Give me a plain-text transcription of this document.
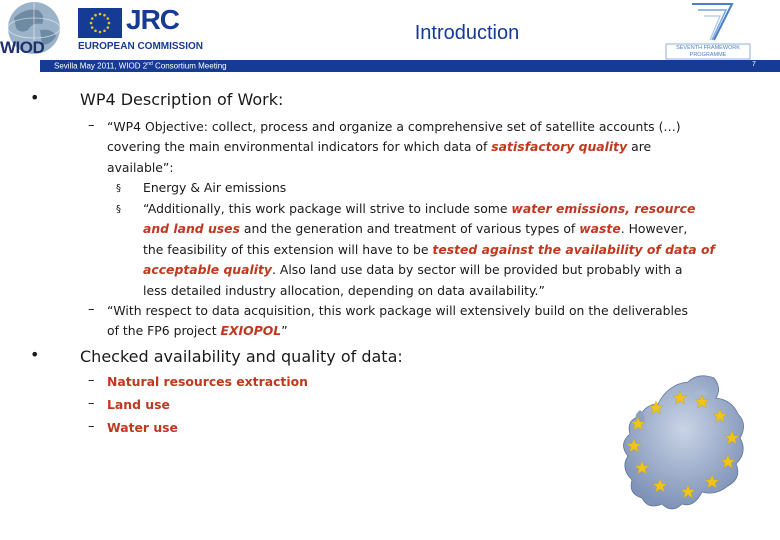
WIOD
JRC
EUROPEAN COMMISSION
Introduction
SEVENTH FRAMEWORK PROGRAMME
Sevilla May 2011, WIOD 2nd Consortium Meeting	7
•	WP4 Description of Work:
– “WP4 Objective: collect, process and organize a comprehensive set of satellite accounts (…)
covering the main environmental indicators for which data of satisfactory quality are
available”:
§ Energy & Air emissions
§ “Additionally, this work package will strive to include some water emissions, resource
and land uses and the generation and treatment of various types of waste. However,
the feasibility of this extension will have to be tested against the availability of data of
acceptable quality. Also land use data by sector will be provided but probably with a
less detailed industry allocation, depending on data availability.”
– “With respect to data acquisition, this work package will extensively build on the deliverables
of the FP6 project EXIOPOL”
•	Checked availability and quality of data:
– Natural resources extraction
– Land use
– Water use
